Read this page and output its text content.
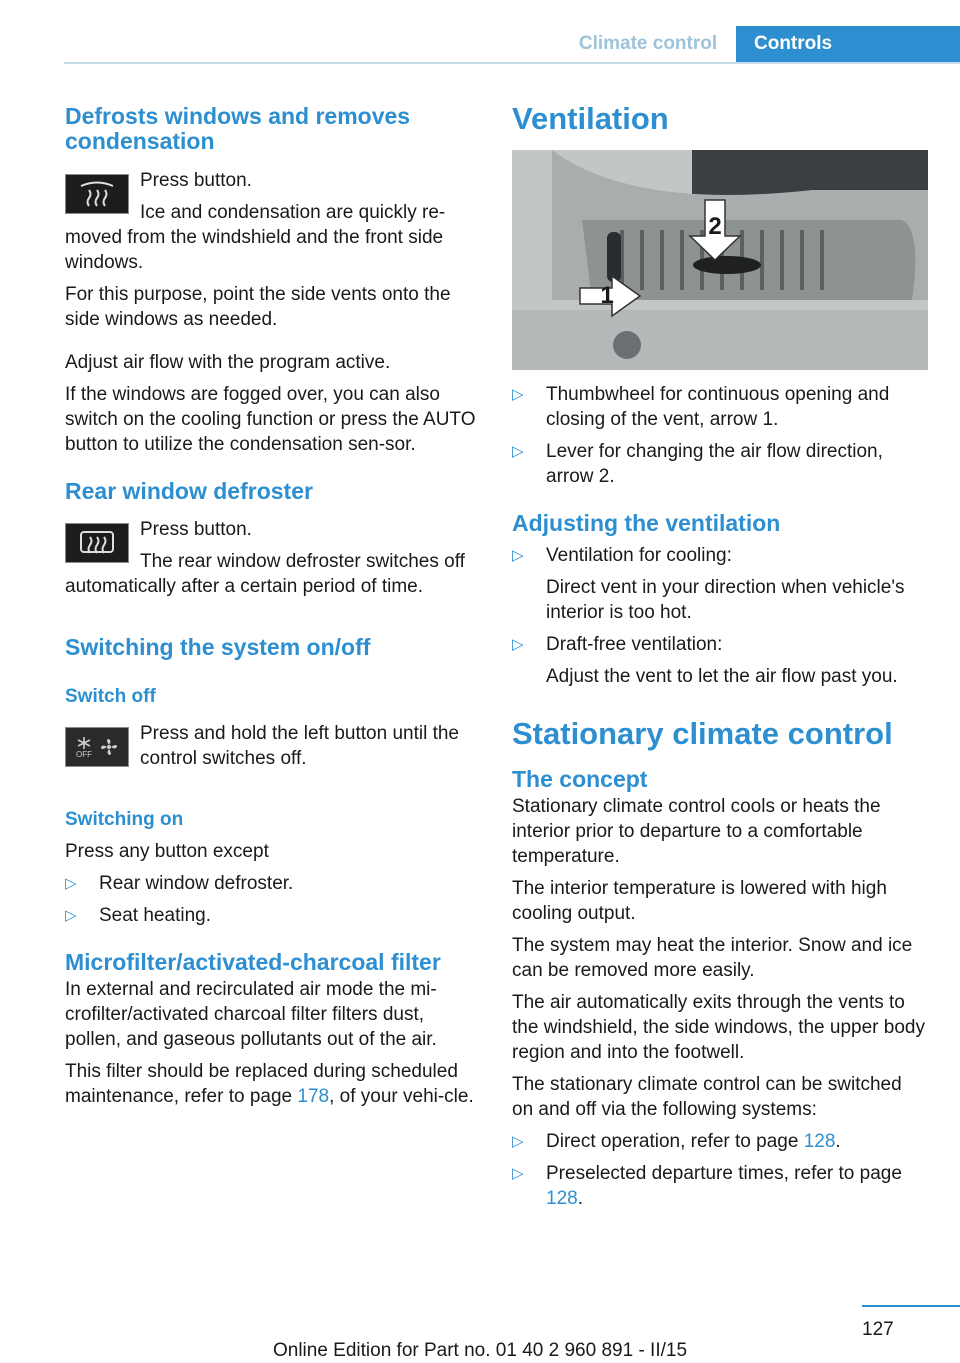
Climate control	Controls
Defrosts windows and removes condensation

Press button.

Ice and condensation are quickly re‐moved from the windshield and the front side windows.

For this purpose, point the side vents onto the side windows as needed.

Adjust air flow with the program active.

If the windows are fogged over, you can also switch on the cooling function or press the AUTO button to utilize the condensation sen‐sor.

Rear window defroster

Press button.

The rear window defroster switches off automatically after a certain period of time.

Switching the system on/off
Switch off
OFF

Press and hold the left button until the control switches off.

Switching on

Press any button except

▷ Rear window defroster.
▷ Seat heating.
Microfilter/activated-charcoal filter

In external and recirculated air mode the mi‐crofilter/activated charcoal filter filters dust, pollen, and gaseous pollutants out of the air.

This filter should be replaced during scheduled maintenance, refer to page 178, of your vehi‐cle.

Ventilation
1
2
▷ Thumbwheel for continuous opening and closing of the vent, arrow 1.
▷ Lever for changing the air flow direction, arrow 2.
Adjusting the ventilation
▷ Ventilation for cooling:
Direct vent in your direction when vehicle's interior is too hot.
▷ Draft-free ventilation:
Adjust the vent to let the air flow past you.
Stationary climate control
The concept

Stationary climate control cools or heats the interior prior to departure to a comfortable temperature.

The interior temperature is lowered with high cooling output.

The system may heat the interior. Snow and ice can be removed more easily.

The air automatically exits through the vents to the windshield, the side windows, the upper body region and into the footwell.

The stationary climate control can be switched on and off via the following systems:

▷ Direct operation, refer to page 128.
▷ Preselected departure times, refer to page 128.
127
Online Edition for Part no. 01 40 2 960 891 - II/15
